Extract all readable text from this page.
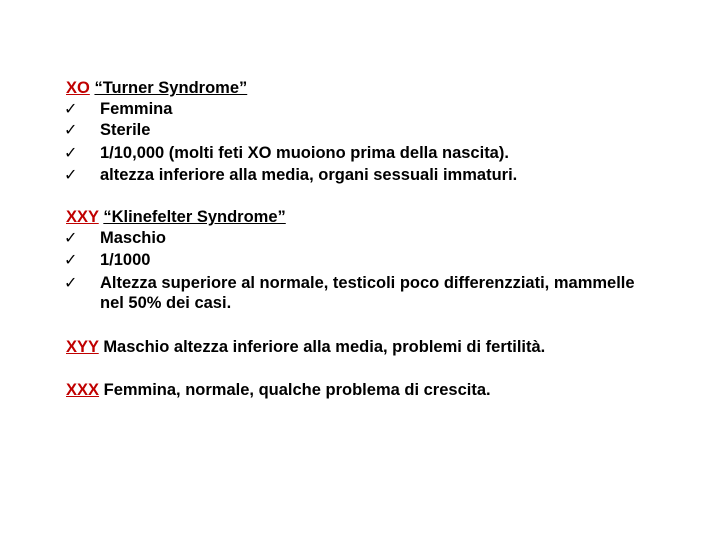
XO “Turner Syndrome”
✓ Femmina
✓ Sterile
✓ 1/10,000 (molti feti XO muoiono prima della nascita).
✓ altezza inferiore alla media, organi sessuali immaturi.
XXY “Klinefelter Syndrome”
✓ Maschio
✓ 1/1000
✓ Altezza superiore al normale, testicoli poco differenzziati, mammelle
nel 50% dei casi.
XYY Maschio altezza inferiore alla media, problemi di fertilità.
XXX Femmina, normale, qualche problema di crescita.
